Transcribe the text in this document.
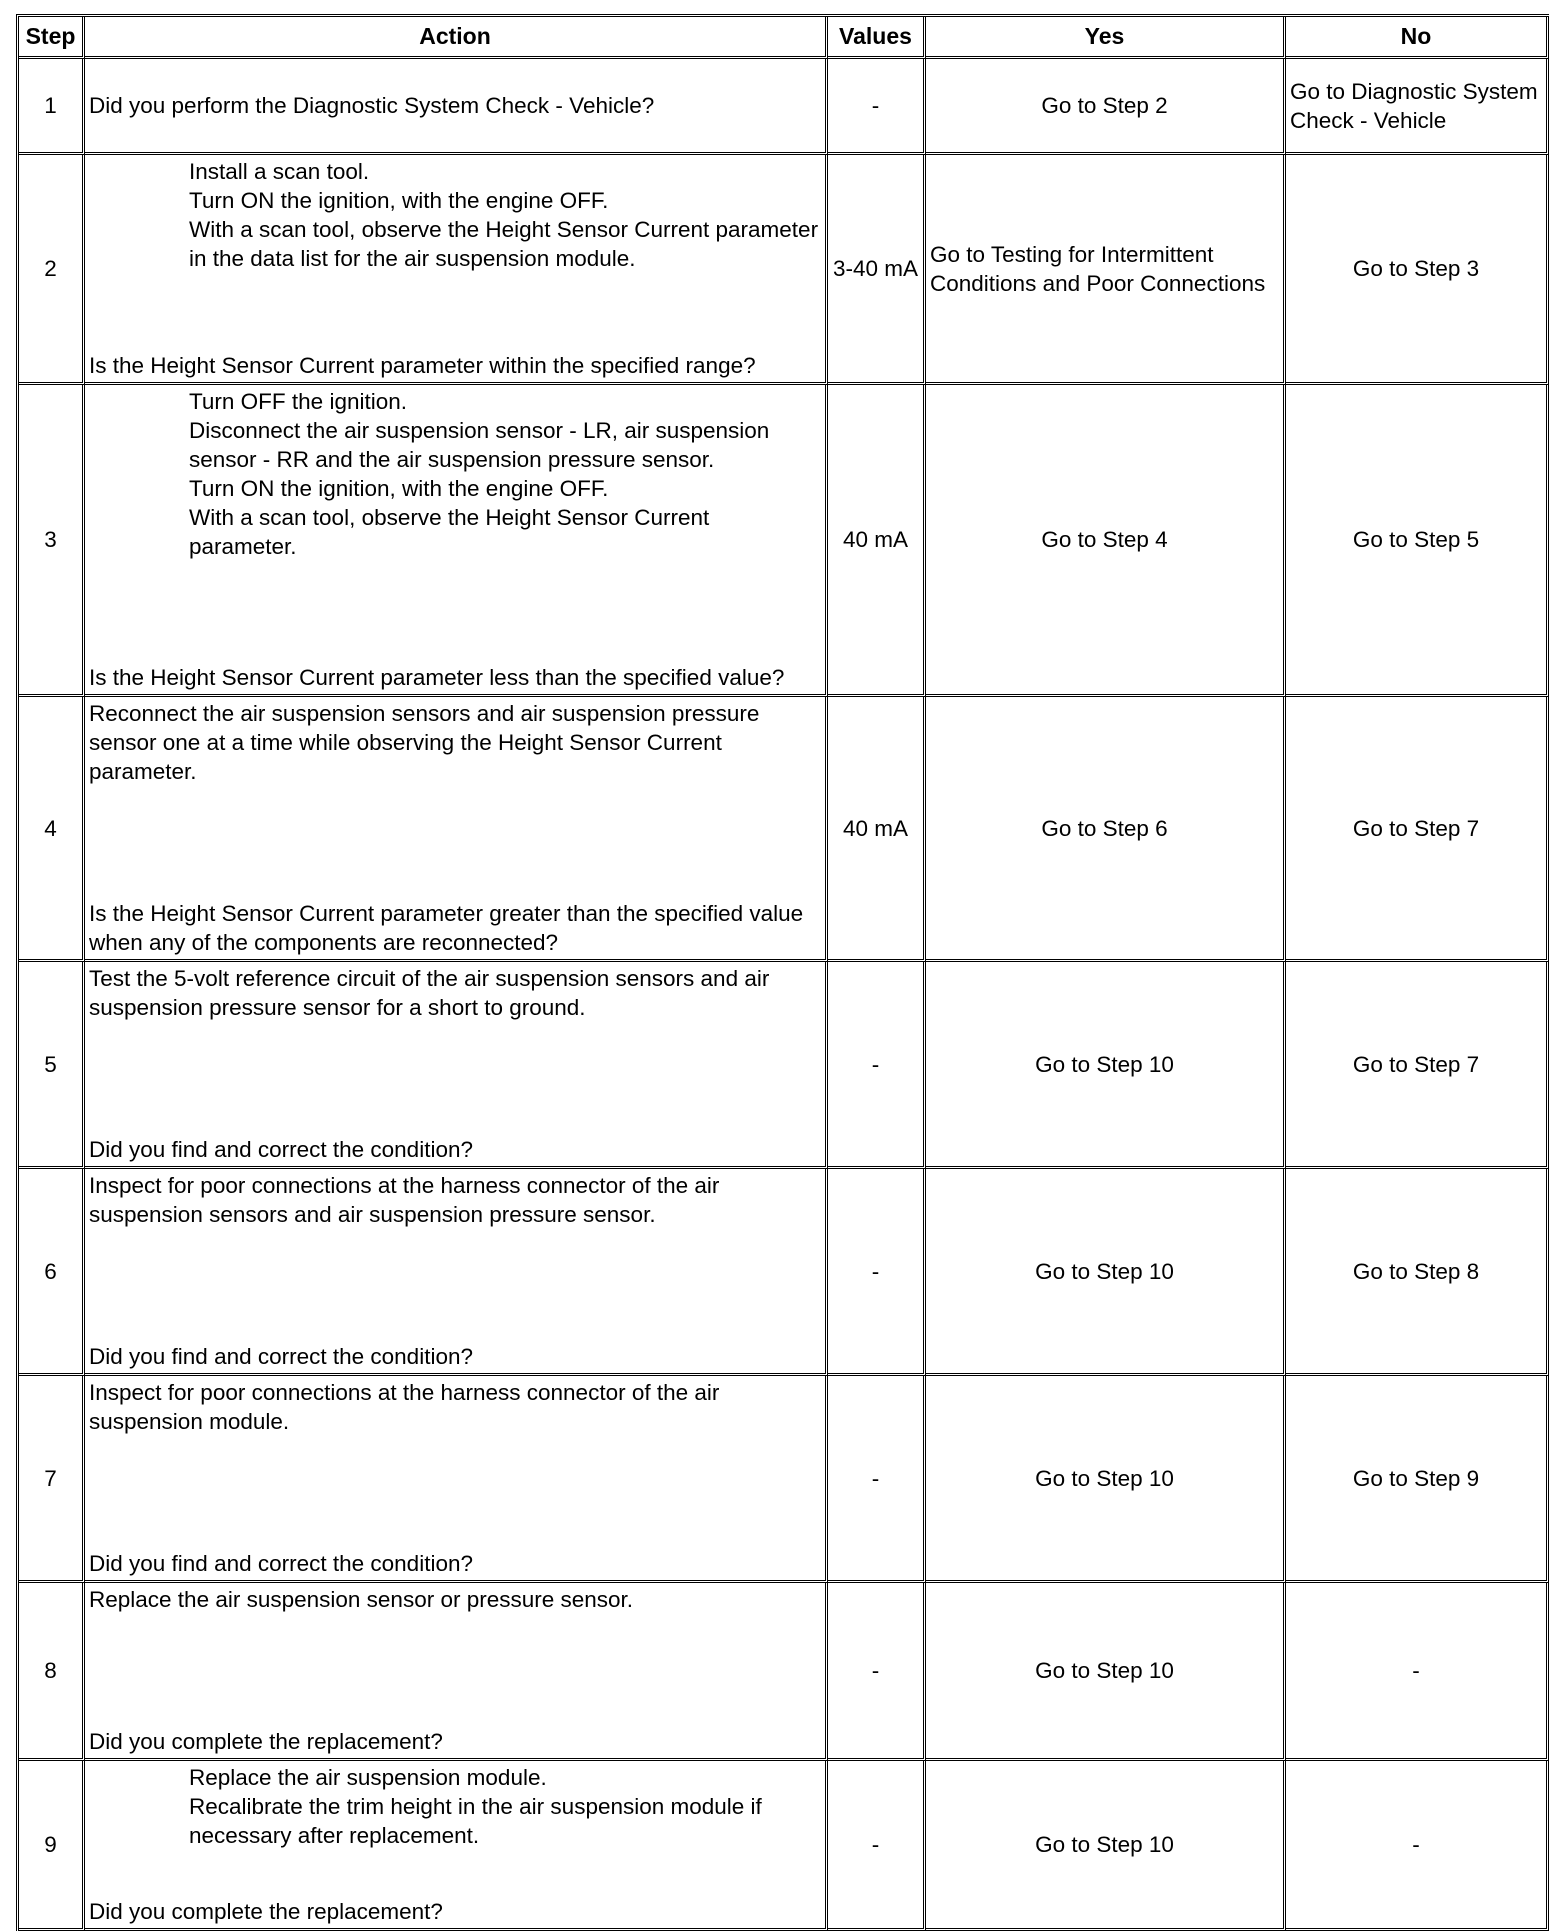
Step	Action	Values	Yes	No
1	Did you perform the Diagnostic System Check - Vehicle?	-	Go to Step 2	Go to Diagnostic System Check - Vehicle
2	Install a scan tool.
Turn ON the ignition, with the engine OFF.
With a scan tool, observe the Height Sensor Current parameter in the data list for the air suspension module.
Is the Height Sensor Current parameter within the specified range?	3-40 mA	Go to Testing for Intermittent Conditions and Poor Connections	Go to Step 3
3	Turn OFF the ignition.
Disconnect the air suspension sensor - LR, air suspension sensor - RR and the air suspension pressure sensor.
Turn ON the ignition, with the engine OFF.
With a scan tool, observe the Height Sensor Current parameter.
Is the Height Sensor Current parameter less than the specified value?	40 mA	Go to Step 4	Go to Step 5
4	Reconnect the air suspension sensors and air suspension pressure sensor one at a time while observing the Height Sensor Current parameter.
Is the Height Sensor Current parameter greater than the specified value when any of the components are reconnected?	40 mA	Go to Step 6	Go to Step 7
5	Test the 5-volt reference circuit of the air suspension sensors and air suspension pressure sensor for a short to ground.
Did you find and correct the condition?	-	Go to Step 10	Go to Step 7
6	Inspect for poor connections at the harness connector of the air suspension sensors and air suspension pressure sensor.
Did you find and correct the condition?	-	Go to Step 10	Go to Step 8
7	Inspect for poor connections at the harness connector of the air suspension module.
Did you find and correct the condition?	-	Go to Step 10	Go to Step 9
8	Replace the air suspension sensor or pressure sensor.
Did you complete the replacement?	-	Go to Step 10	-
9	Replace the air suspension module.
Recalibrate the trim height in the air suspension module if necessary after replacement.
Did you complete the replacement?	-	Go to Step 10	-
